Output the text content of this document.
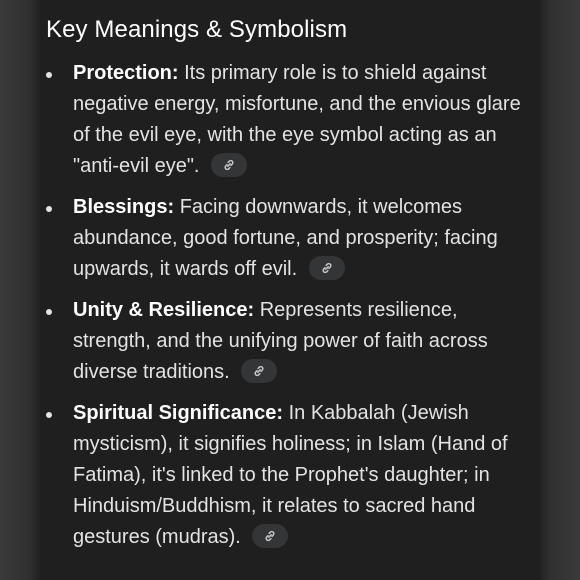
Key Meanings & Symbolism
Protection: Its primary role is to shield against negative energy, misfortune, and the envious glare of the evil eye, with the eye symbol acting as an "anti-evil eye".
Blessings: Facing downwards, it welcomes abundance, good fortune, and prosperity; facing upwards, it wards off evil.
Unity & Resilience: Represents resilience, strength, and the unifying power of faith across diverse traditions.
Spiritual Significance: In Kabbalah (Jewish mysticism), it signifies holiness; in Islam (Hand of Fatima), it's linked to the Prophet's daughter; in Hinduism/Buddhism, it relates to sacred hand gestures (mudras).
